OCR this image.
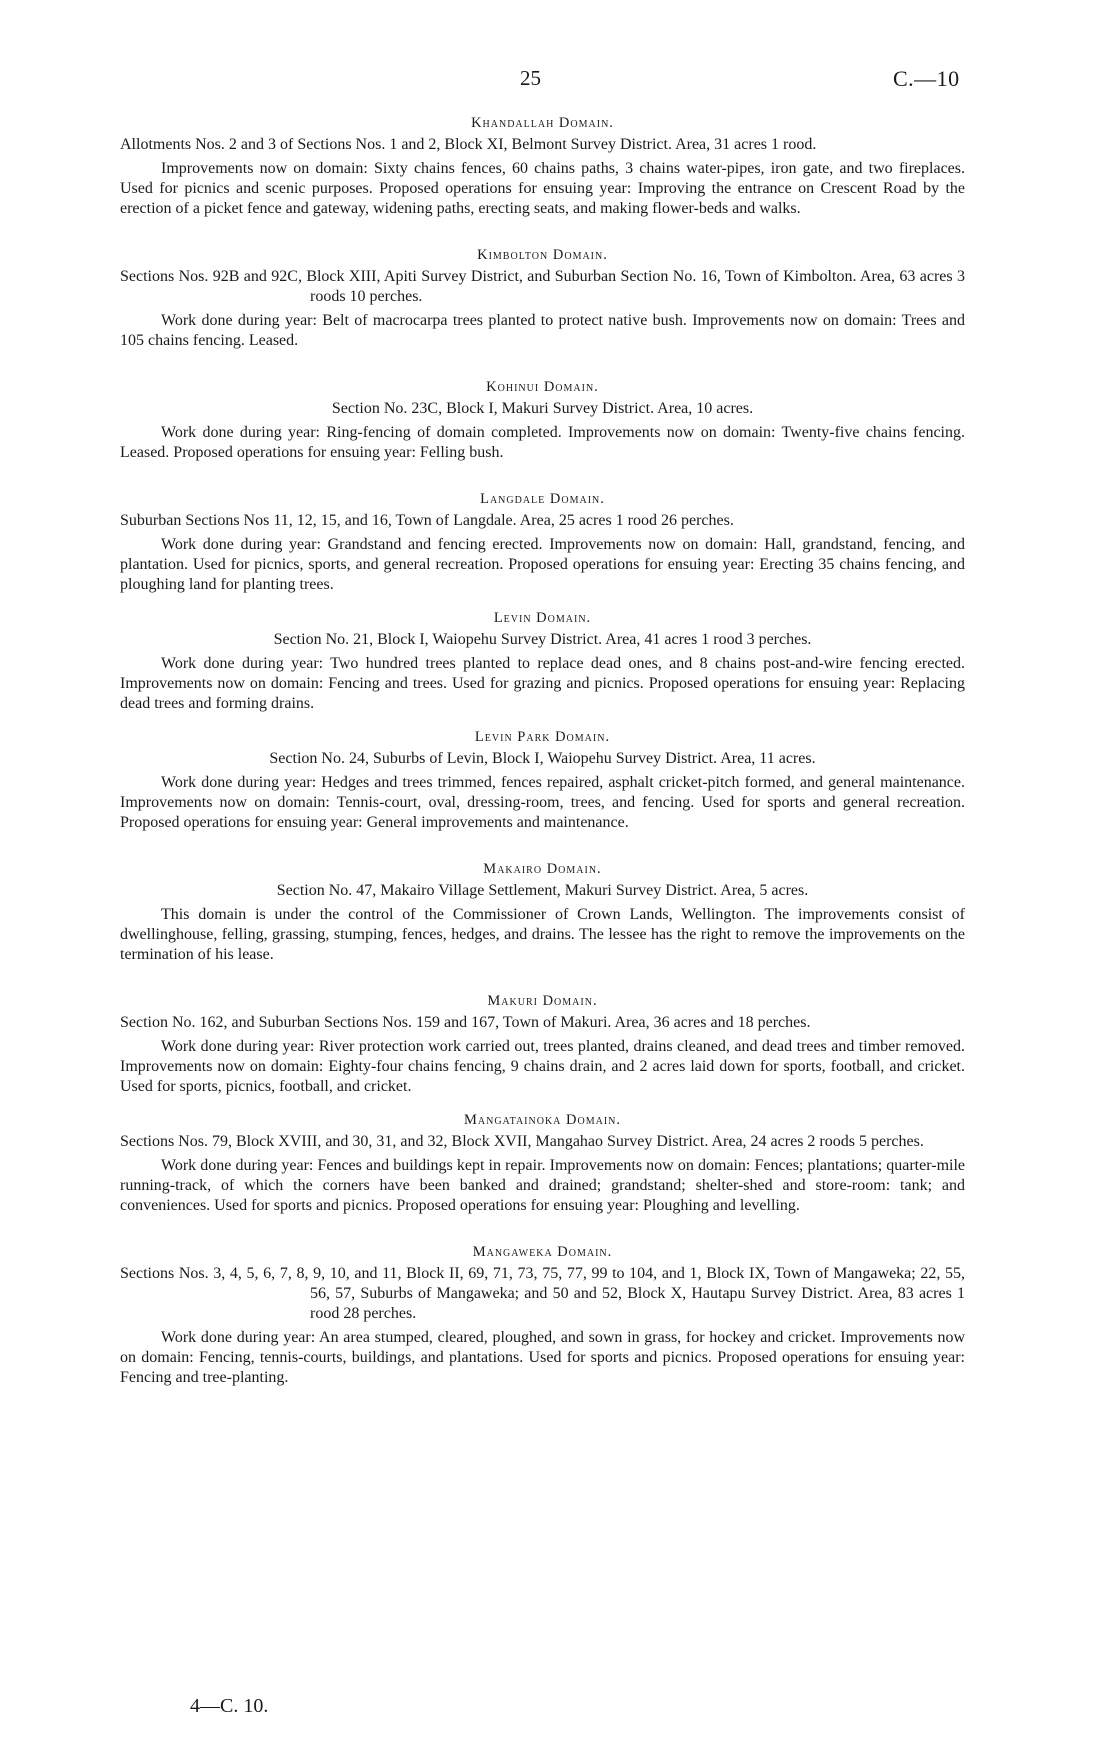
25	C.—10
Khandallah Domain.

Allotments Nos. 2 and 3 of Sections Nos. 1 and 2, Block XI, Belmont Survey District. Area, 31 acres 1 rood.

Improvements now on domain: Sixty chains fences, 60 chains paths, 3 chains water-pipes, iron gate, and two fireplaces. Used for picnics and scenic purposes. Proposed operations for ensuing year: Improving the entrance on Crescent Road by the erection of a picket fence and gateway, widening paths, erecting seats, and making flower-beds and walks.

Kimbolton Domain.

Sections Nos. 92B and 92C, Block XIII, Apiti Survey District, and Suburban Section No. 16, Town of Kimbolton. Area, 63 acres 3 roods 10 perches.

Work done during year: Belt of macrocarpa trees planted to protect native bush. Improvements now on domain: Trees and 105 chains fencing. Leased.

Kohinui Domain.

Section No. 23C, Block I, Makuri Survey District. Area, 10 acres.

Work done during year: Ring-fencing of domain completed. Improvements now on domain: Twenty-five chains fencing. Leased. Proposed operations for ensuing year: Felling bush.

Langdale Domain.

Suburban Sections Nos 11, 12, 15, and 16, Town of Langdale. Area, 25 acres 1 rood 26 perches.

Work done during year: Grandstand and fencing erected. Improvements now on domain: Hall, grandstand, fencing, and plantation. Used for picnics, sports, and general recreation. Proposed operations for ensuing year: Erecting 35 chains fencing, and ploughing land for planting trees.

Levin Domain.

Section No. 21, Block I, Waiopehu Survey District. Area, 41 acres 1 rood 3 perches.

Work done during year: Two hundred trees planted to replace dead ones, and 8 chains post-and-wire fencing erected. Improvements now on domain: Fencing and trees. Used for grazing and picnics. Proposed operations for ensuing year: Replacing dead trees and forming drains.

Levin Park Domain.

Section No. 24, Suburbs of Levin, Block I, Waiopehu Survey District. Area, 11 acres.

Work done during year: Hedges and trees trimmed, fences repaired, asphalt cricket-pitch formed, and general maintenance. Improvements now on domain: Tennis-court, oval, dressing-room, trees, and fencing. Used for sports and general recreation. Proposed operations for ensuing year: General improvements and maintenance.

Makairo Domain.

Section No. 47, Makairo Village Settlement, Makuri Survey District. Area, 5 acres.

This domain is under the control of the Commissioner of Crown Lands, Wellington. The improvements consist of dwellinghouse, felling, grassing, stumping, fences, hedges, and drains. The lessee has the right to remove the improvements on the termination of his lease.

Makuri Domain.

Section No. 162, and Suburban Sections Nos. 159 and 167, Town of Makuri. Area, 36 acres and 18 perches.

Work done during year: River protection work carried out, trees planted, drains cleaned, and dead trees and timber removed. Improvements now on domain: Eighty-four chains fencing, 9 chains drain, and 2 acres laid down for sports, football, and cricket. Used for sports, picnics, football, and cricket.

Mangatainoka Domain.

Sections Nos. 79, Block XVIII, and 30, 31, and 32, Block XVII, Mangahao Survey District. Area, 24 acres 2 roods 5 perches.

Work done during year: Fences and buildings kept in repair. Improvements now on domain: Fences; plantations; quarter-mile running-track, of which the corners have been banked and drained; grandstand; shelter-shed and store-room: tank; and conveniences. Used for sports and picnics. Proposed operations for ensuing year: Ploughing and levelling.

Mangaweka Domain.

Sections Nos. 3, 4, 5, 6, 7, 8, 9, 10, and 11, Block II, 69, 71, 73, 75, 77, 99 to 104, and 1, Block IX, Town of Mangaweka; 22, 55, 56, 57, Suburbs of Mangaweka; and 50 and 52, Block X, Hautapu Survey District. Area, 83 acres 1 rood 28 perches.

Work done during year: An area stumped, cleared, ploughed, and sown in grass, for hockey and cricket. Improvements now on domain: Fencing, tennis-courts, buildings, and plantations. Used for sports and picnics. Proposed operations for ensuing year: Fencing and tree-planting.

4—C. 10.
